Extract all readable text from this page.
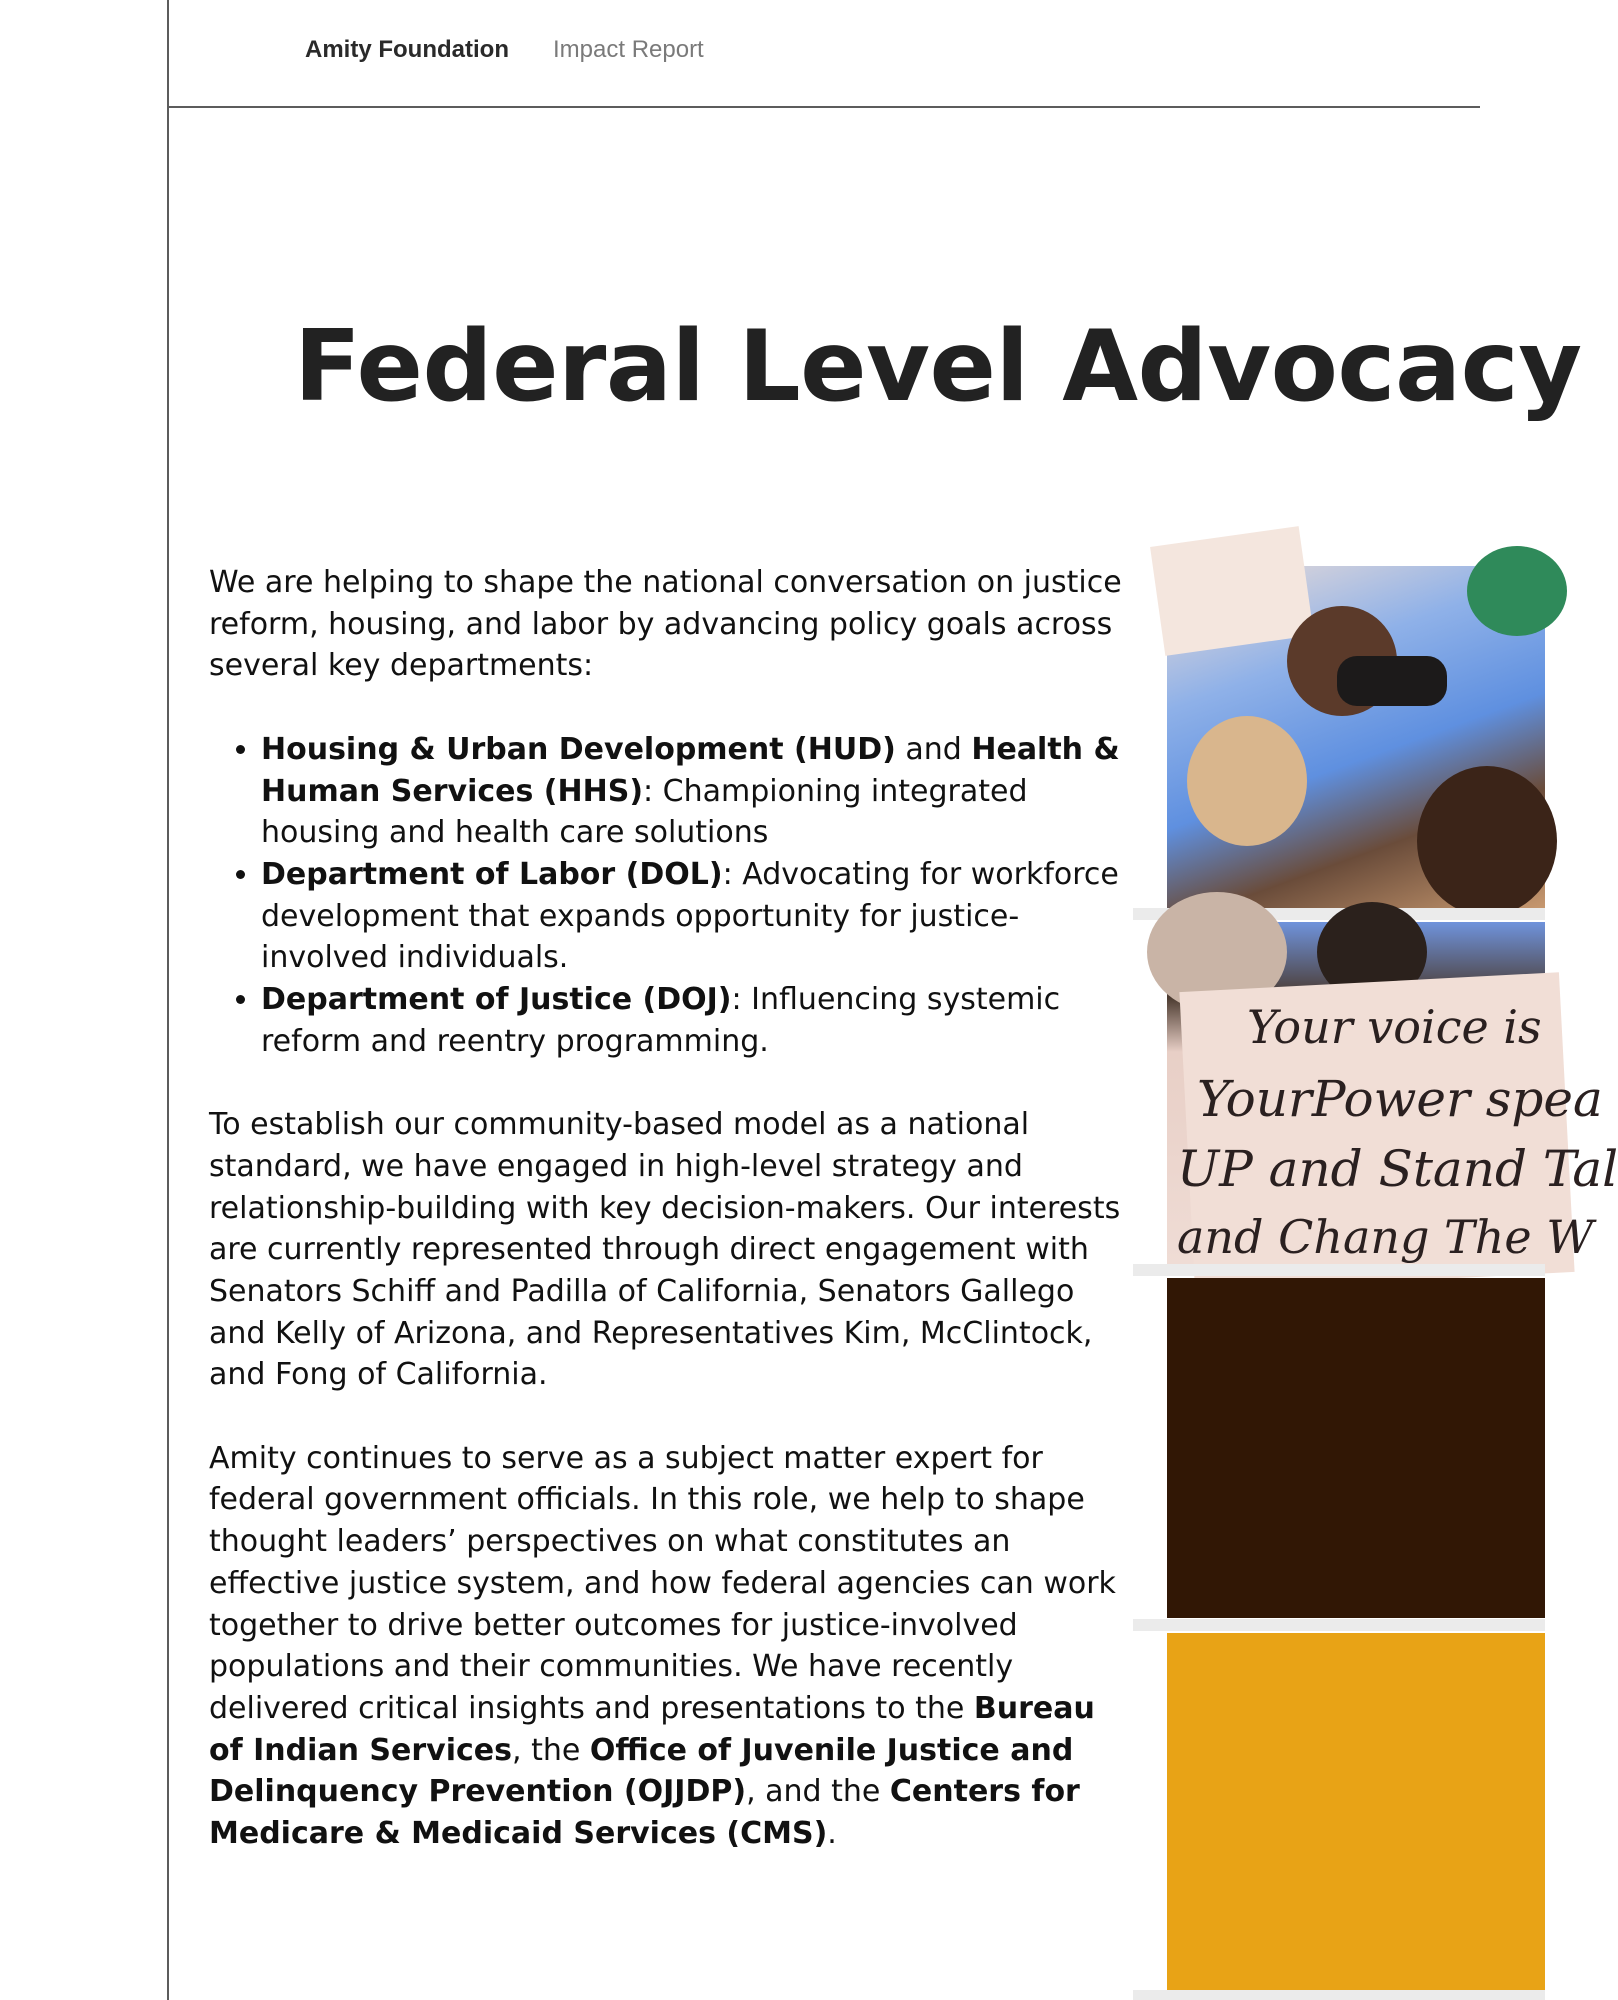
Amity Foundation Impact Report
Federal Level Advocacy

We are helping to shape the national conversation on justice reform, housing, and labor by advancing policy goals across several key departments:

• Housing & Urban Development (HUD) and Health & Human Services (HHS): Championing integrated housing and health care solutions
• Department of Labor (DOL): Advocating for workforce development that expands opportunity for justice-involved individuals.
• Department of Justice (DOJ): Influencing systemic reform and reentry programming.

To establish our community-based model as a national standard, we have engaged in high-level strategy and relationship-building with key decision-makers. Our interests are currently represented through direct engagement with Senators Schiff and Padilla of California, Senators Gallego and Kelly of Arizona, and Representatives Kim, McClintock, and Fong of California.

Amity continues to serve as a subject matter expert for federal government officials. In this role, we help to shape thought leaders’ perspectives on what constitutes an effective justice system, and how federal agencies can work together to drive better outcomes for justice-involved populations and their communities. We have recently delivered critical insights and presentations to the Bureau of Indian Services, the Office of Juvenile Justice and Delinquency Prevention (OJJDP), and the Centers for Medicare & Medicaid Services (CMS).

Your voice is
YourPower spea
UP and Stand Tal
and Chang The W
